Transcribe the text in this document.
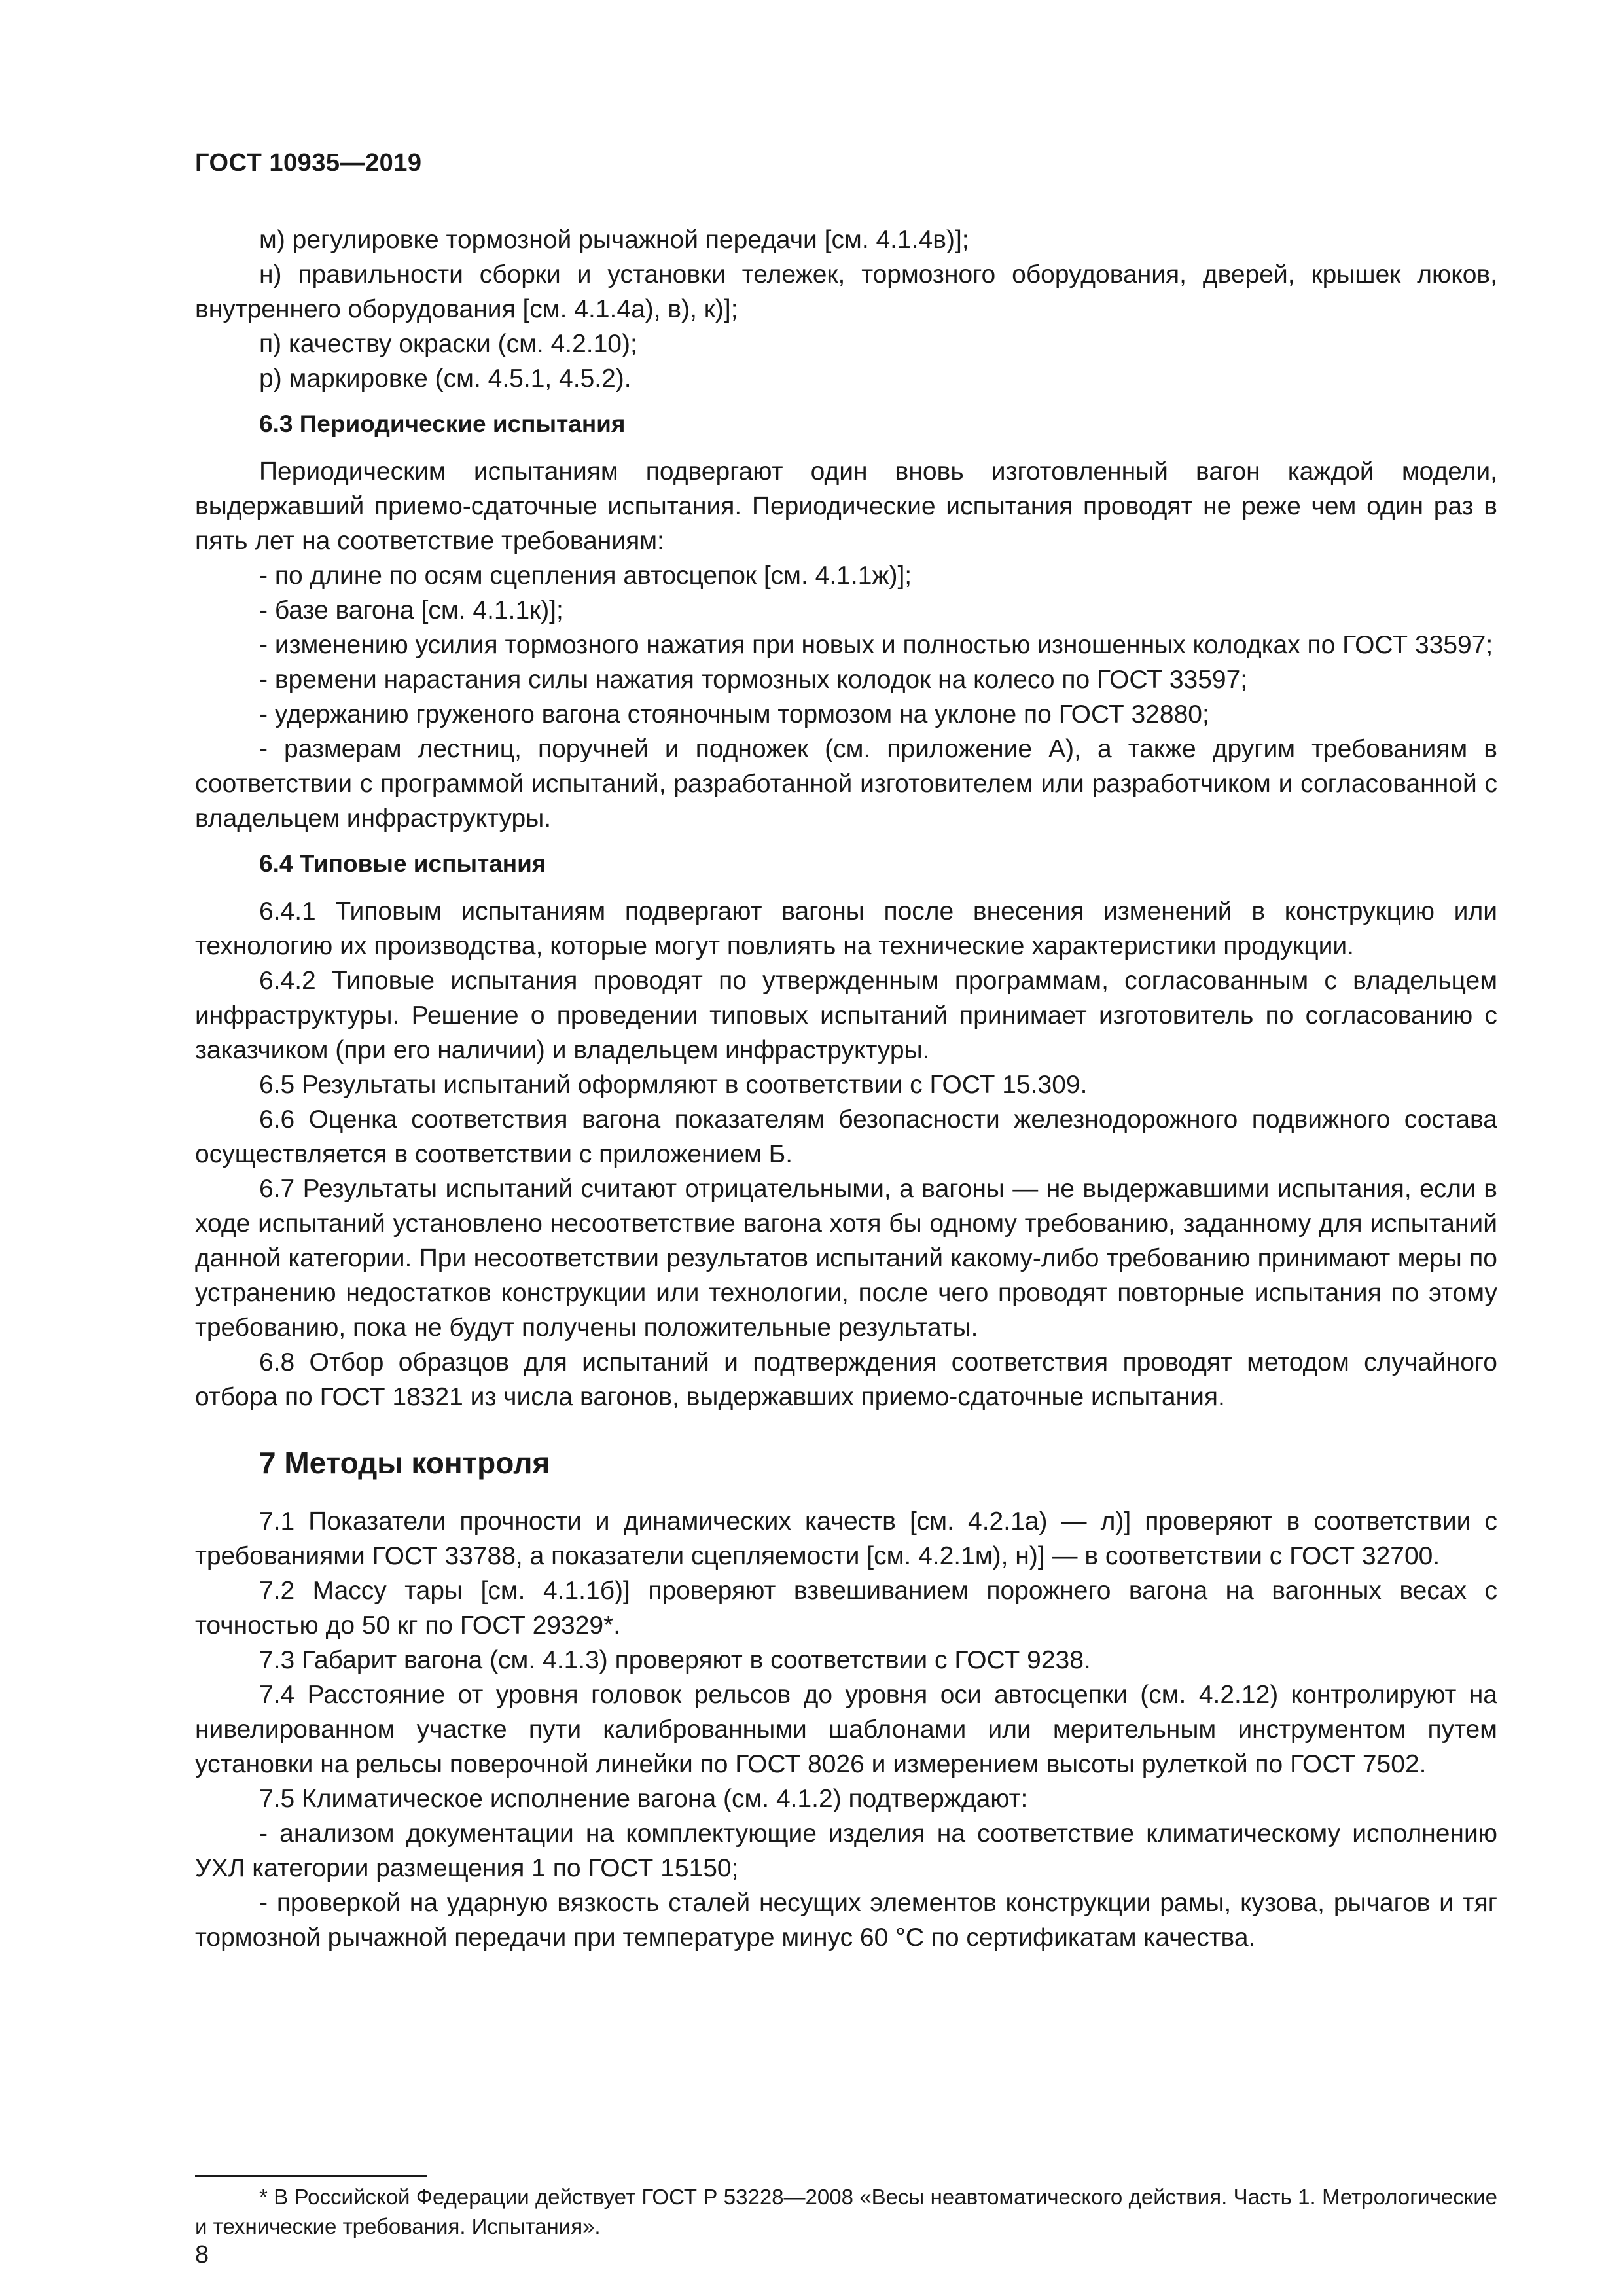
ГОСТ 10935—2019

м) регулировке тормозной рычажной передачи [см. 4.1.4в)];

н) правильности сборки и установки тележек, тормозного оборудования, дверей, крышек люков, внутреннего оборудования [см. 4.1.4а), в), к)];

п) качеству окраски (см. 4.2.10);

р) маркировке (см. 4.5.1, 4.5.2).

6.3 Периодические испытания

Периодическим испытаниям подвергают один вновь изготовленный вагон каждой модели, выдержавший приемо-сдаточные испытания. Периодические испытания проводят не реже чем один раз в пять лет на соответствие требованиям:

- по длине по осям сцепления автосцепок [см. 4.1.1ж)];

- базе вагона [см. 4.1.1к)];

- изменению усилия тормозного нажатия при новых и полностью изношенных колодках по ГОСТ 33597;

- времени нарастания силы нажатия тормозных колодок на колесо по ГОСТ 33597;

- удержанию груженого вагона стояночным тормозом на уклоне по ГОСТ 32880;

- размерам лестниц, поручней и подножек (см. приложение А), а также другим требованиям в соответствии с программой испытаний, разработанной изготовителем или разработчиком и согласованной с владельцем инфраструктуры.

6.4 Типовые испытания

6.4.1 Типовым испытаниям подвергают вагоны после внесения изменений в конструкцию или технологию их производства, которые могут повлиять на технические характеристики продукции.

6.4.2 Типовые испытания проводят по утвержденным программам, согласованным с владельцем инфраструктуры. Решение о проведении типовых испытаний принимает изготовитель по согласованию с заказчиком (при его наличии) и владельцем инфраструктуры.

6.5 Результаты испытаний оформляют в соответствии с ГОСТ 15.309.

6.6 Оценка соответствия вагона показателям безопасности железнодорожного подвижного состава осуществляется в соответствии с приложением Б.

6.7 Результаты испытаний считают отрицательными, а вагоны — не выдержавшими испытания, если в ходе испытаний установлено несоответствие вагона хотя бы одному требованию, заданному для испытаний данной категории. При несоответствии результатов испытаний какому-либо требованию принимают меры по устранению недостатков конструкции или технологии, после чего проводят повторные испытания по этому требованию, пока не будут получены положительные результаты.

6.8 Отбор образцов для испытаний и подтверждения соответствия проводят методом случайного отбора по ГОСТ 18321 из числа вагонов, выдержавших приемо-сдаточные испытания.

7 Методы контроля

7.1 Показатели прочности и динамических качеств [см. 4.2.1а) — л)] проверяют в соответствии с требованиями ГОСТ 33788, а показатели сцепляемости [см. 4.2.1м), н)] — в соответствии с ГОСТ 32700.

7.2 Массу тары [см. 4.1.1б)] проверяют взвешиванием порожнего вагона на вагонных весах с точностью до 50 кг по ГОСТ 29329*.

7.3 Габарит вагона (см. 4.1.3) проверяют в соответствии с ГОСТ 9238.

7.4 Расстояние от уровня головок рельсов до уровня оси автосцепки (см. 4.2.12) контролируют на нивелированном участке пути калиброванными шаблонами или мерительным инструментом путем установки на рельсы поверочной линейки по ГОСТ 8026 и измерением высоты рулеткой по ГОСТ 7502.

7.5 Климатическое исполнение вагона (см. 4.1.2) подтверждают:

- анализом документации на комплектующие изделия на соответствие климатическому исполнению УХЛ категории размещения 1 по ГОСТ 15150;

- проверкой на ударную вязкость сталей несущих элементов конструкции рамы, кузова, рычагов и тяг тормозной рычажной передачи при температуре минус 60 °С по сертификатам качества.

* В Российской Федерации действует ГОСТ Р 53228—2008 «Весы неавтоматического действия. Часть 1. Метрологические и технические требования. Испытания».

8
